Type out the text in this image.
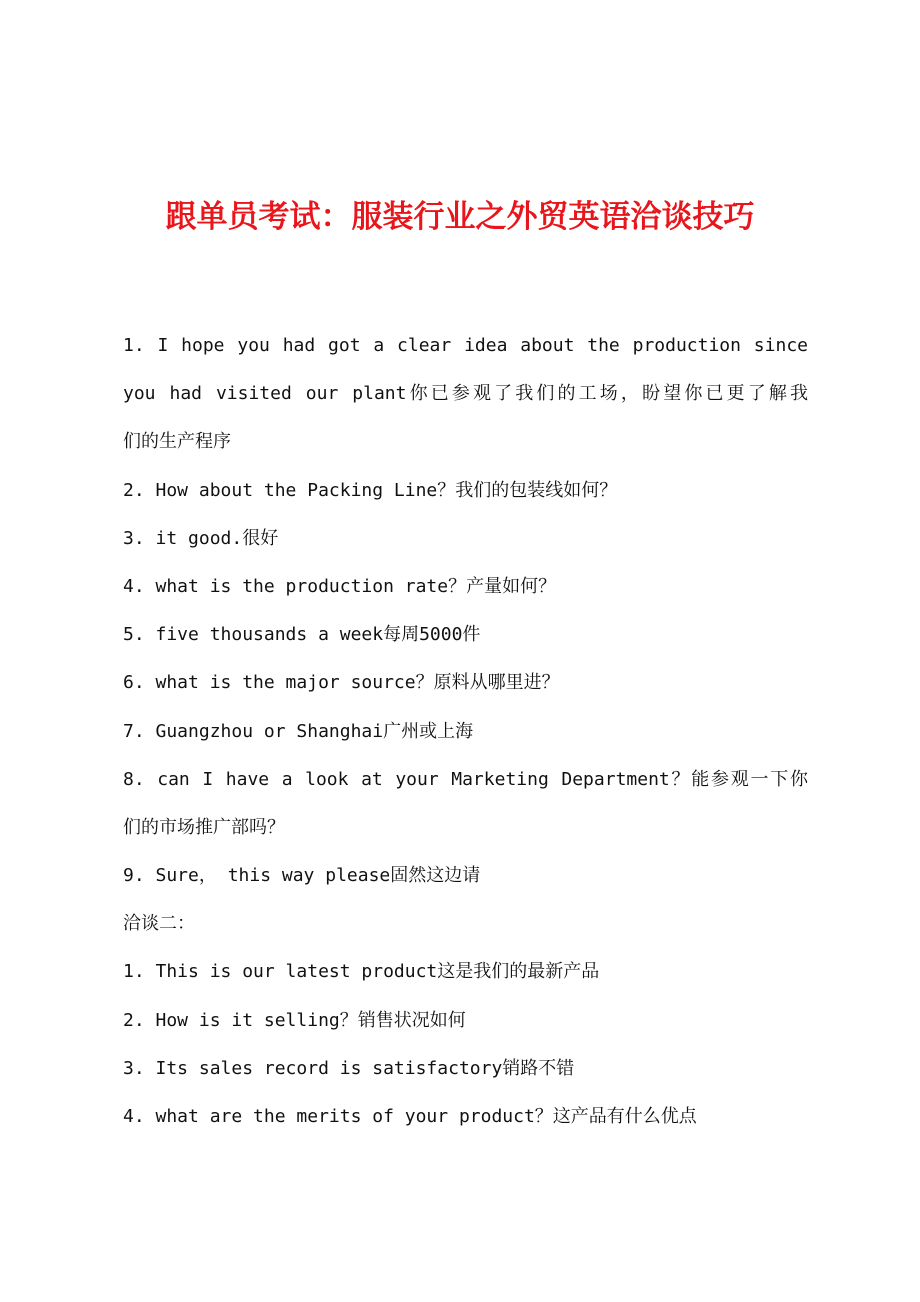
跟单员考试：服装行业之外贸英语洽谈技巧
1. I hope you had got a clear idea about the production since
you had visited our plant你已参观了我们的工场，盼望你已更了解我
们的生产程序
2. How about the Packing Line？我们的包装线如何？
3. it good.很好
4. what is the production rate？产量如何？
5. five thousands a week每周5000件
6. what is the major source？原料从哪里进？
7. Guangzhou or Shanghai广州或上海
8. can I have a look at your Marketing Department？能参观一下你
们的市场推广部吗？
9. Sure， this way please固然这边请
洽谈二：
1. This is our latest product这是我们的最新产品
2. How is it selling？销售状况如何
3. Its sales record is satisfactory销路不错
4. what are the merits of your product？这产品有什么优点
